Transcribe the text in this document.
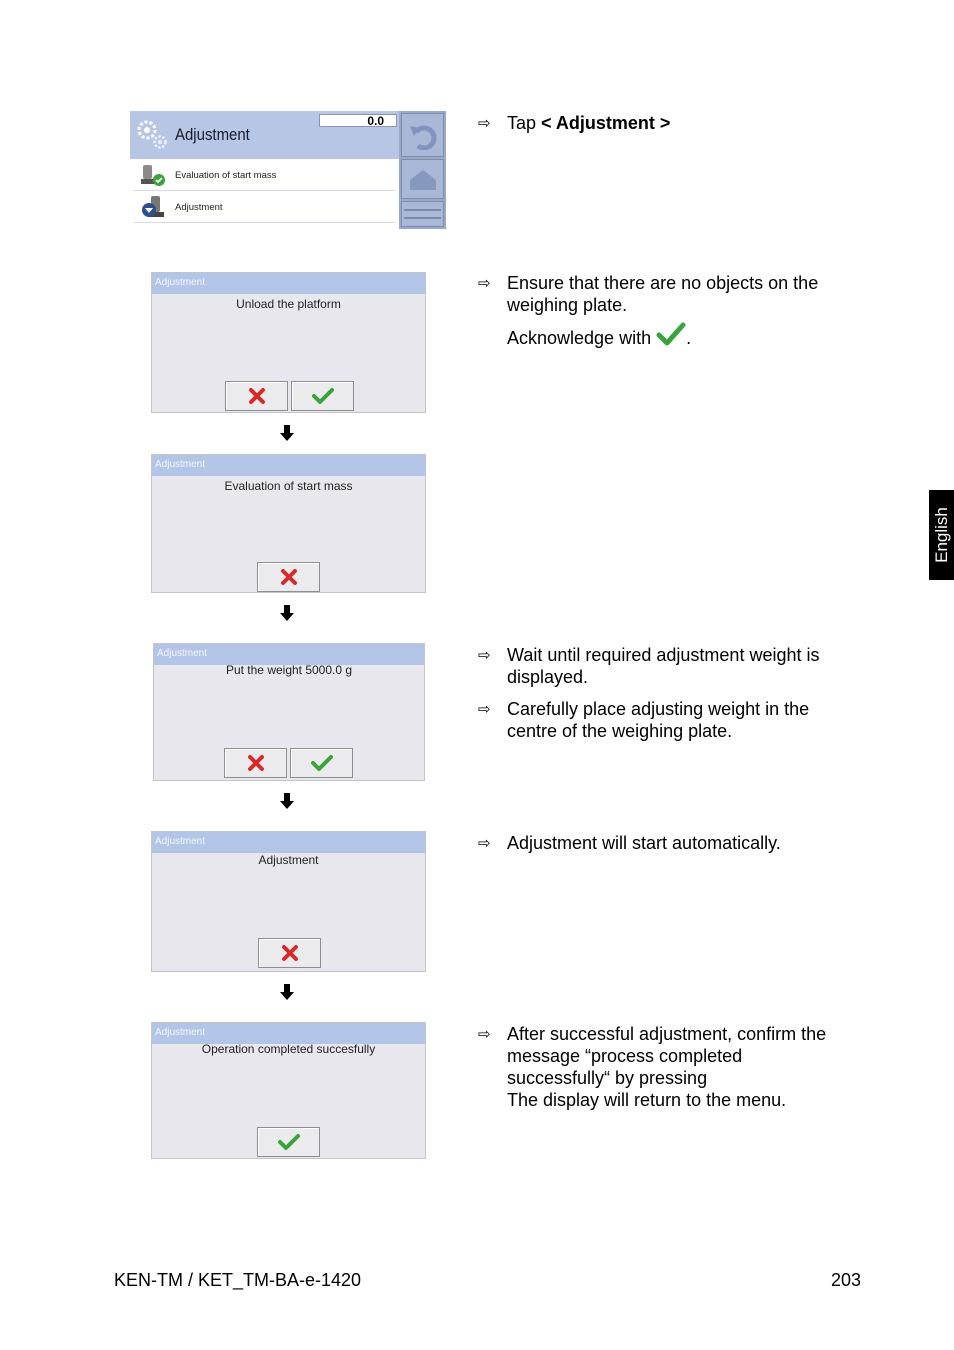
Adjustment
0.0
Evaluation of start mass
Adjustment
Adjustment
Unload the platform
Adjustment
Evaluation of start mass
Adjustment
Put the weight 5000.0 g
Adjustment
Adjustment
Adjustment
Operation completed succesfully
⇨ Tap < Adjustment >
⇨ Ensure that there are no objects on the weighing plate.
Acknowledge with .
⇨ Wait until required adjustment weight is displayed.
⇨ Carefully place adjusting weight in the centre of the weighing plate.
⇨ Adjustment will start automatically.
⇨ After successful adjustment, confirm the message “process completed successfully“ by pressing
The display will return to the menu.
English
KEN-TM / KET_TM-BA-e-1420	203
